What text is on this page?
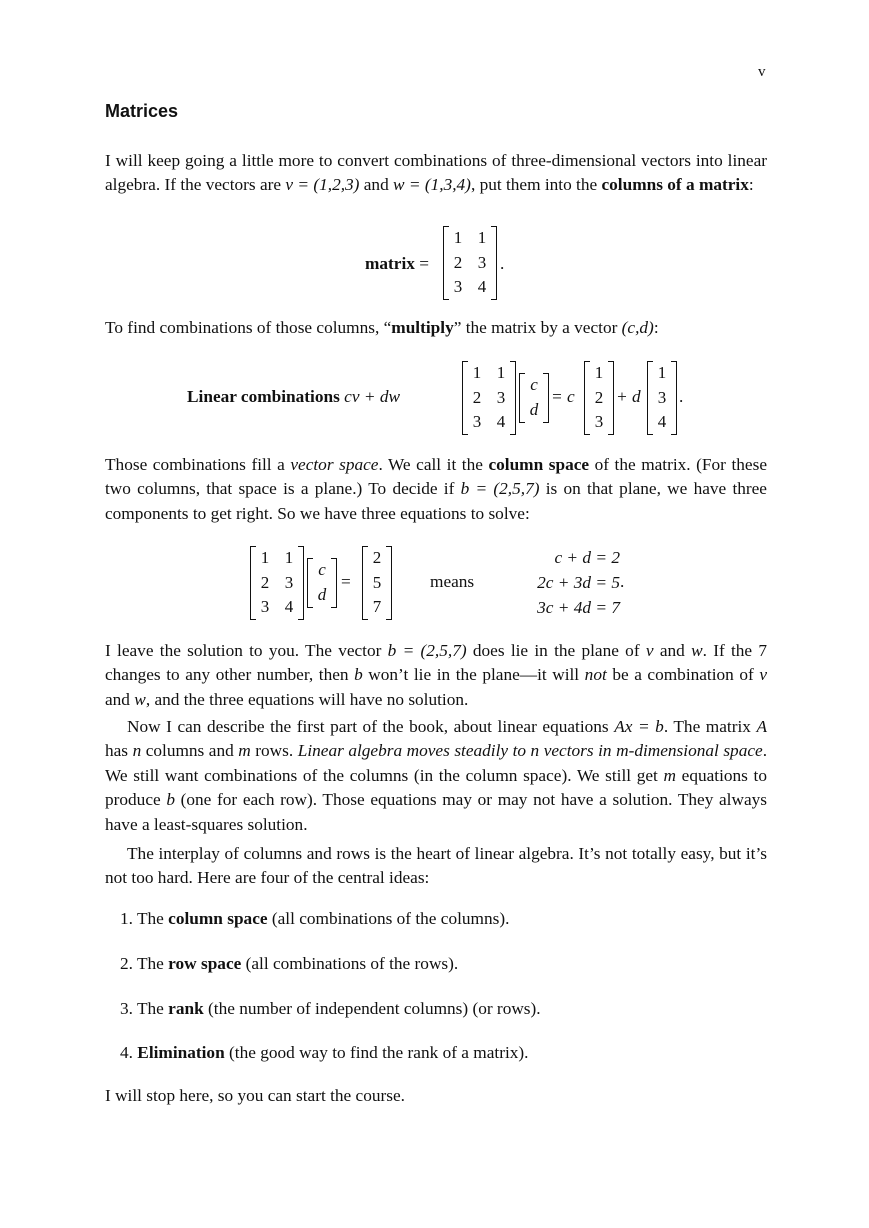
v
Matrices
I will keep going a little more to convert combinations of three-dimensional vectors into linear algebra. If the vectors are v = (1,2,3) and w = (1,3,4), put them into the columns of a matrix:
matrix =
1 1
2 3
3 4
.
To find combinations of those columns, “multiply” the matrix by a vector (c,d):
Linear combinations cv + dw
1 1
2 3
3 4
c
d
= c
1
2
3
+ d
1
3
4
.
Those combinations fill a vector space. We call it the column space of the matrix. (For these two columns, that space is a plane.) To decide if b = (2,5,7) is on that plane, we have three components to get right. So we have three equations to solve:
1 1
2 3
3 4
c
d
=
2
5
7
means
c + d = 2
2c + 3d = 5
3c + 4d = 7
.
I leave the solution to you. The vector b = (2,5,7) does lie in the plane of v and w. If the 7 changes to any other number, then b won’t lie in the plane—it will not be a combination of v and w, and the three equations will have no solution.
Now I can describe the first part of the book, about linear equations Ax = b. The matrix A has n columns and m rows. Linear algebra moves steadily to n vectors in m-dimensional space. We still want combinations of the columns (in the column space). We still get m equations to produce b (one for each row). Those equations may or may not have a solution. They always have a least-squares solution.
The interplay of columns and rows is the heart of linear algebra. It’s not totally easy, but it’s not too hard. Here are four of the central ideas:
1. The column space (all combinations of the columns).
2. The row space (all combinations of the rows).
3. The rank (the number of independent columns) (or rows).
4. Elimination (the good way to find the rank of a matrix).
I will stop here, so you can start the course.
